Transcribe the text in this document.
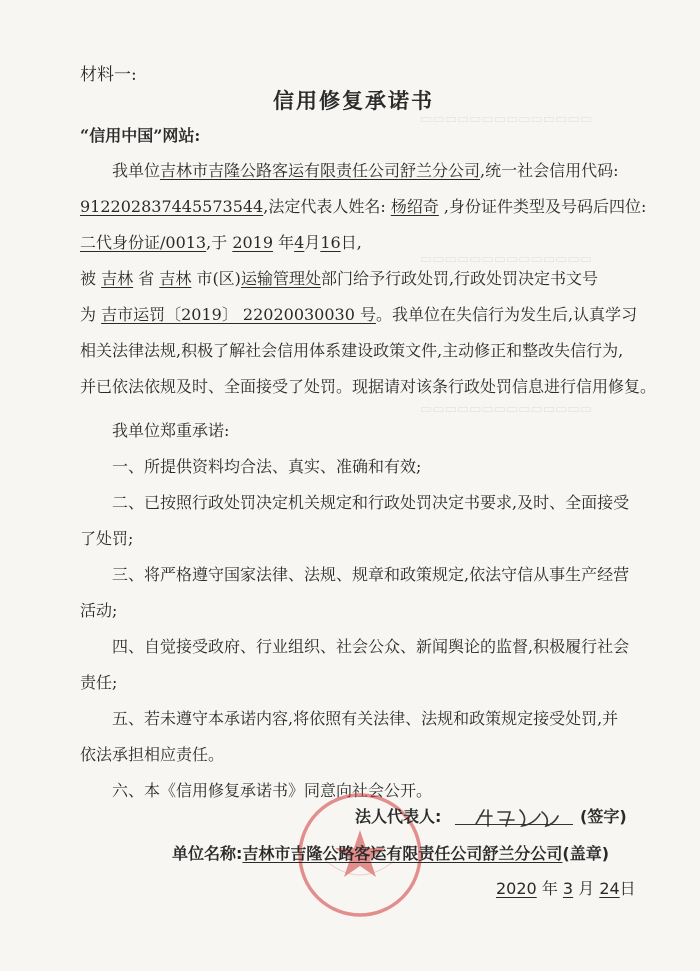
▭▭▭▭▭▭▭▭▭▭▭▭▭▭
▭▭▭▭▭▭▭▭▭▭▭▭▭▭
▭▭▭▭▭▭▭▭▭▭▭▭▭▭
材料一:
信用修复承诺书
“信用中国”网站:
我单位吉林市吉隆公路客运有限责任公司舒兰分公司,统一社会信用代码:
912202837445573544,法定代表人姓名: 杨绍奇 ,身份证件类型及号码后四位:
二代身份证/0013,于 2019 年4月16日,
被 吉林 省 吉林 市(区)运输管理处部门给予行政处罚,行政处罚决定书文号
为 吉市运罚〔2019〕 22020030030 号。我单位在失信行为发生后,认真学习
相关法律法规,积极了解社会信用体系建设政策文件,主动修正和整改失信行为,
并已依法依规及时、全面接受了处罚。现据请对该条行政处罚信息进行信用修复。
我单位郑重承诺:
一、所提供资料均合法、真实、准确和有效;
二、已按照行政处罚决定机关规定和行政处罚决定书要求,及时、全面接受
了处罚;
三、将严格遵守国家法律、法规、规章和政策规定,依法守信从事生产经营
活动;
四、自觉接受政府、行业组织、社会公众、新闻舆论的监督,积极履行社会
责任;
五、若未遵守本承诺内容,将依照有关法律、法规和政策规定接受处罚,并
依法承担相应责任。
六、本《信用修复承诺书》同意向社会公开。
法人代表人:	(签字)
单位名称:吉林市吉隆公路客运有限责任公司舒兰分公司(盖章)
2020 年 3 月 24日
